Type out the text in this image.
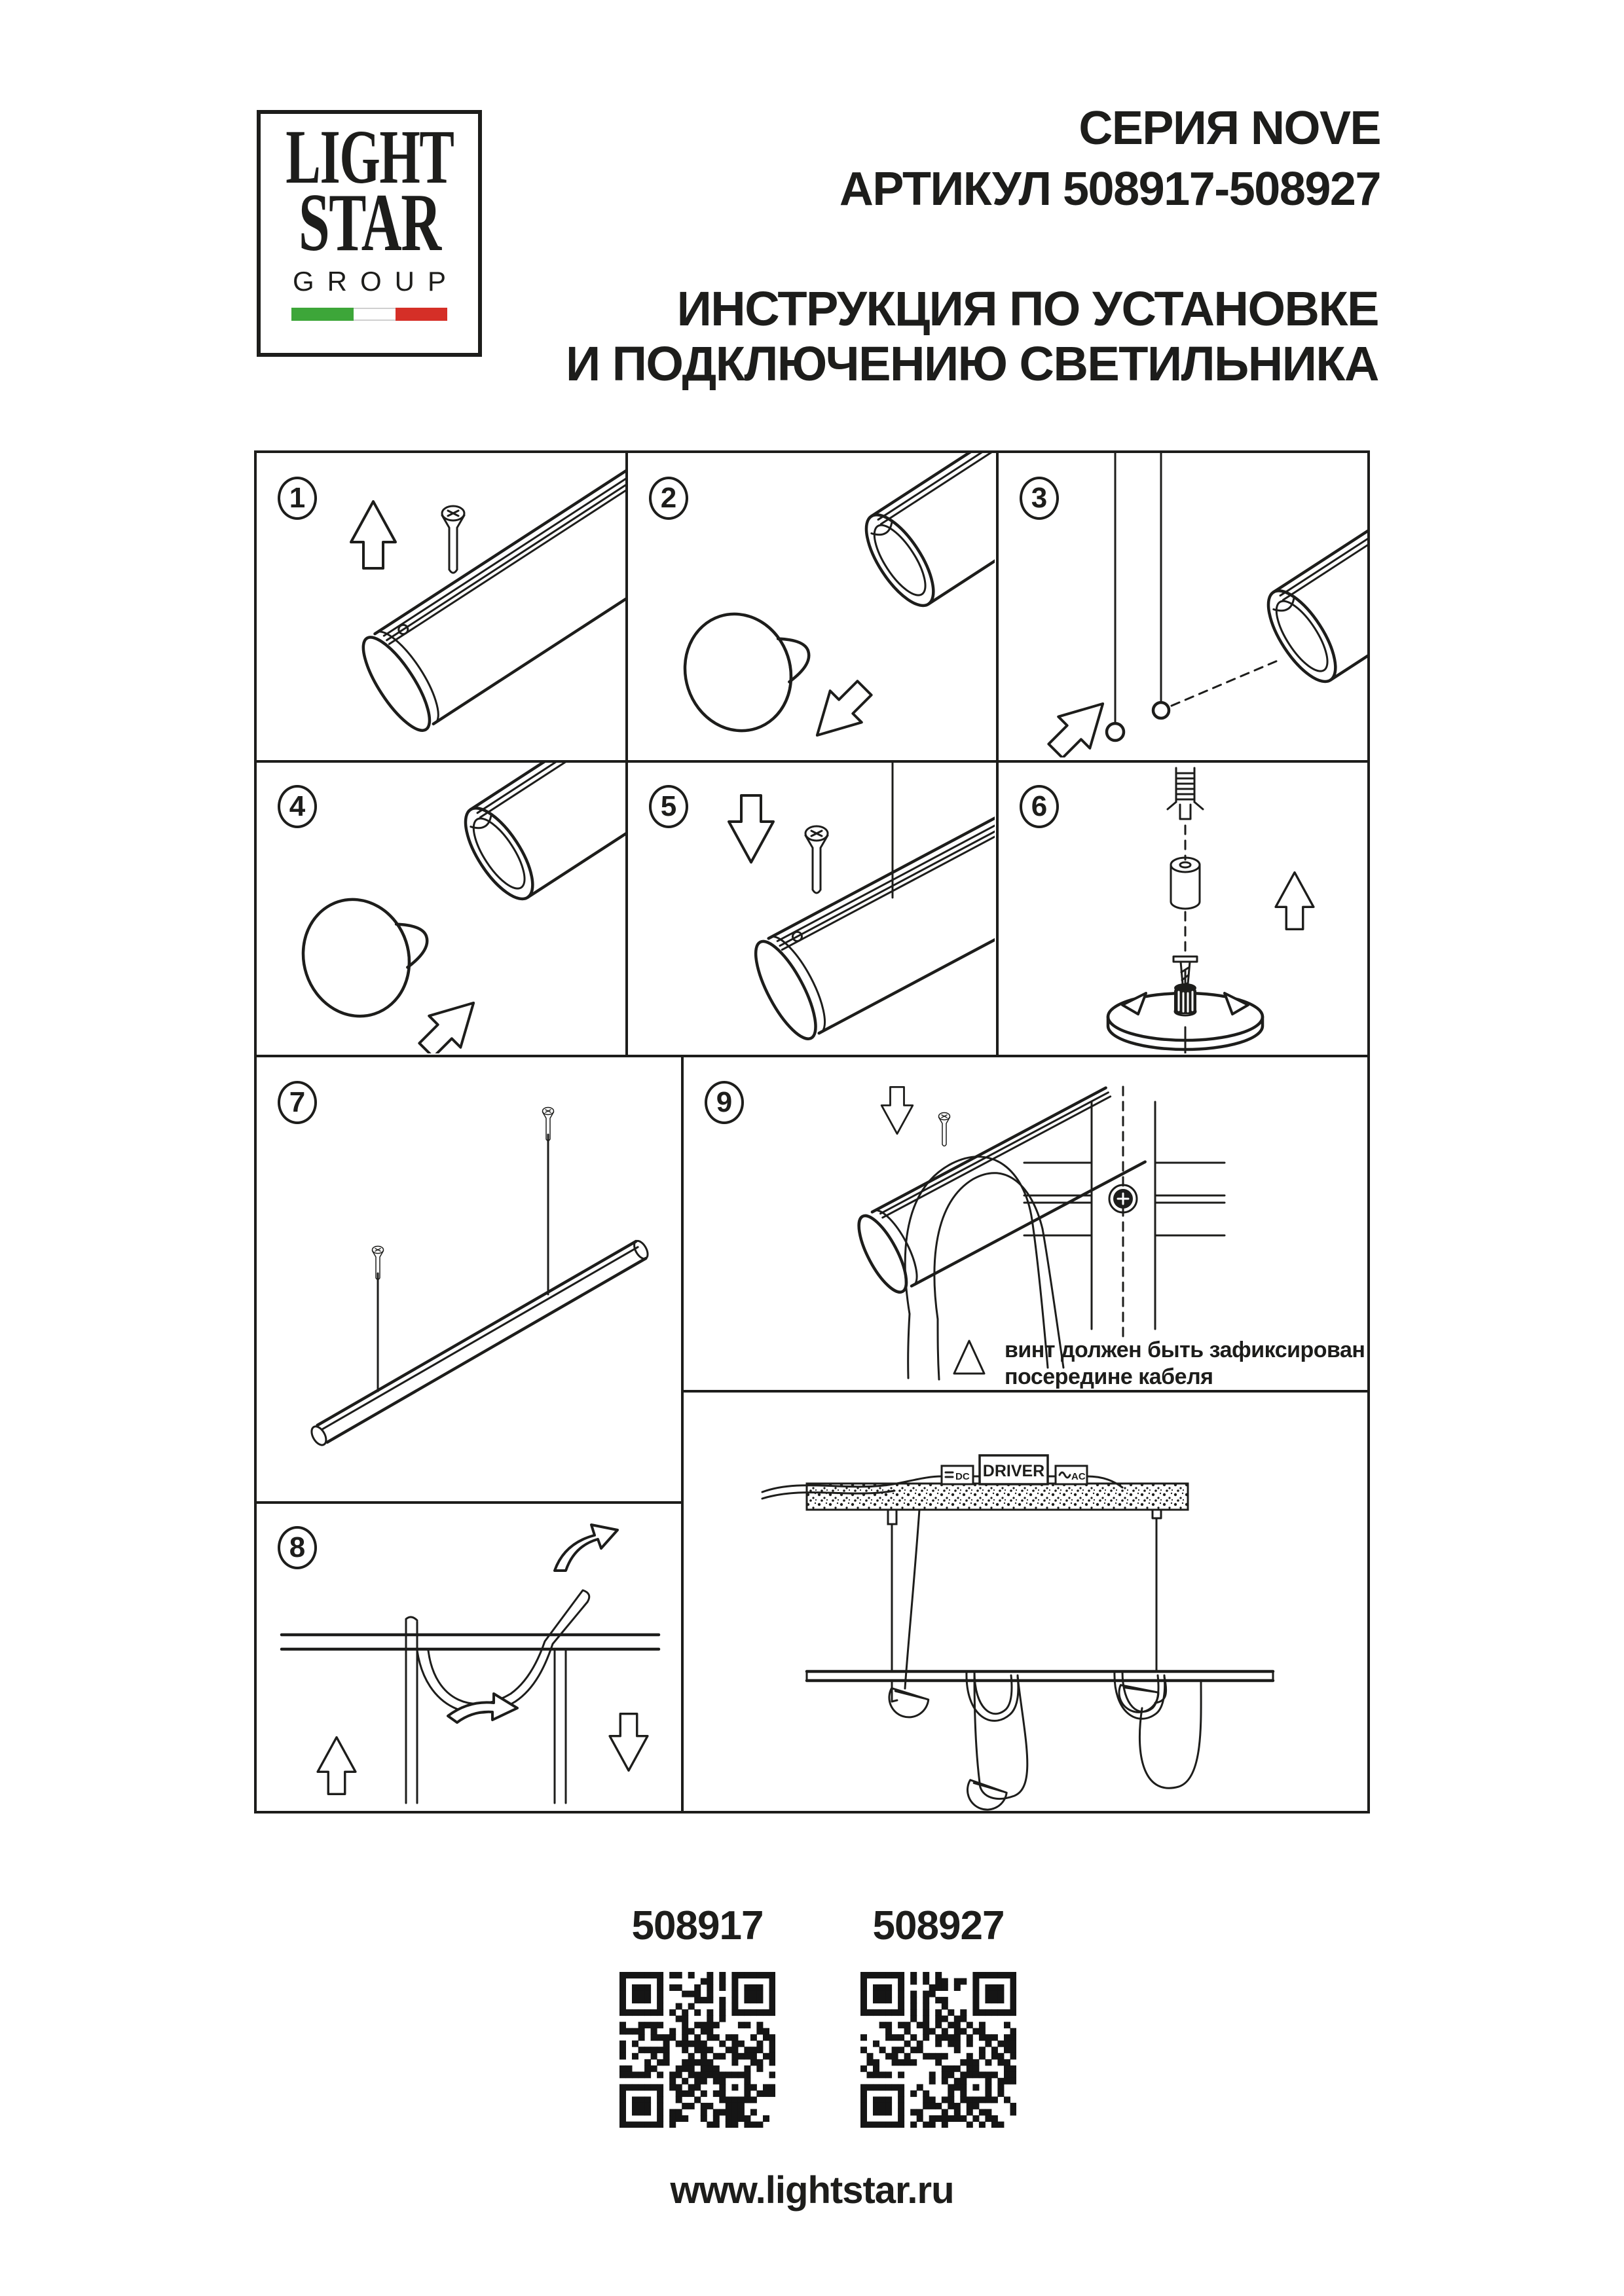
LIGHT
STAR
GROUP
СЕРИЯ NOVE
АРТИКУЛ 508917-508927
ИНСТРУКЦИЯ ПО УСТАНОВКЕ
И ПОДКЛЮЧЕНИЮ СВЕТИЛЬНИКА
1	2	3
4	5	6
7
8
9
винт должен быть зафиксирован
посередине кабеля
DRIVER
DC	AC
508917	508927
www.lightstar.ru
